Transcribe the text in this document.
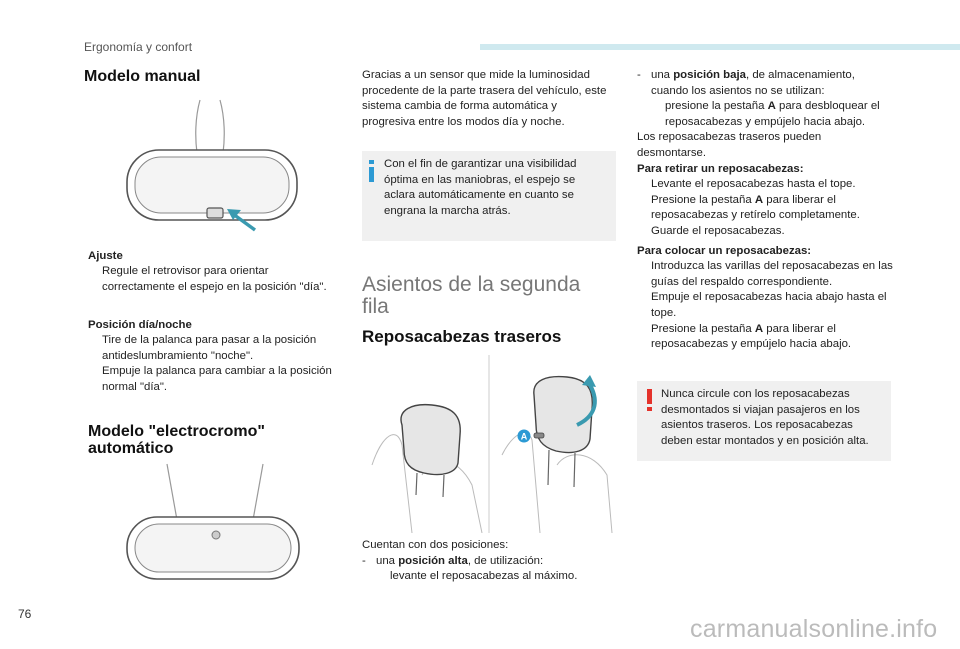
Ergonomía y confort
Modelo manual
Ajuste
Regule el retrovisor para orientar correctamente el espejo en la posición "día".
Posición día/noche
Tire de la palanca para pasar a la posición antideslumbramiento "noche".
Empuje la palanca para cambiar a la posición normal "día".
Modelo "electrocromo"
automático
Gracias a un sensor que mide la luminosidad procedente de la parte trasera del vehículo, este sistema cambia de forma automática y progresiva entre los modos día y noche.
Con el fin de garantizar una visibilidad óptima en las maniobras, el espejo se aclara automáticamente en cuanto se engrana la marcha atrás.
Asientos de la segunda fila
Reposacabezas traseros
A
Cuentan con dos posiciones:
- una posición alta, de utilización:
levante el reposacabezas al máximo.
- una posición baja, de almacenamiento, cuando los asientos no se utilizan:
presione la pestaña A para desbloquear el reposacabezas y empújelo hacia abajo.
Los reposacabezas traseros pueden desmontarse.
Para retirar un reposacabezas:
Levante el reposacabezas hasta el tope.
Presione la pestaña A para liberar el reposacabezas y retírelo completamente.
Guarde el reposacabezas.
Para colocar un reposacabezas:
Introduzca las varillas del reposacabezas en las guías del respaldo correspondiente.
Empuje el reposacabezas hacia abajo hasta el tope.
Presione la pestaña A para liberar el reposacabezas y empújelo hacia abajo.
Nunca circule con los reposacabezas desmontados si viajan pasajeros en los asientos traseros. Los reposacabezas deben estar montados y en posición alta.
76
carmanualsonline.info
